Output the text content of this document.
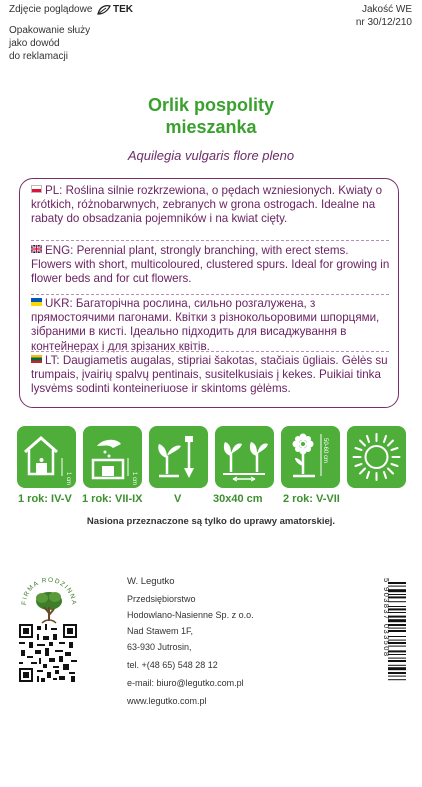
Zdjęcie poglądowe TEK	Jakość WE
nr 30/12/210
Opakowanie służy
jako dowód
do reklamacji
Orlik pospolity
mieszanka
Aquilegia vulgaris flore pleno
PL: Roślina silnie rozkrzewiona, o pędach wzniesionych. Kwiaty o krótkich, różnobarwnych, zebranych w grona ostrogach. Idealne na rabaty do obsadzania pojemników i na kwiat cięty.
ENG: Perennial plant, strongly branching, with erect stems. Flowers with short, multicoloured, clustered spurs. Ideal for growing in flower beds and for cut flowers.
UKR: Багаторічна рослина, сильно розгалужена, з прямостоячими пагонами. Квітки з різнокольоровими шпорцями, зібраними в кисті. Ідеально підходить для висаджування в контейнерах і для зрізаних квітів.
LT: Daugiametis augalas, stipriai šakotas, stačiais ūgliais. Gėlės su trumpais, įvairių spalvų pentinais, susitelkusiais į kekes. Puikiai tinka lysvėms sodinti konteineriuose ir skintoms gėlėms.
1 cm	1 cm
50-60 cm
1 rok: IV-V 1 rok: VII-IX	V	30x40 cm 2 rok: V-VII
Nasiona przeznaczone są tylko do uprawy amatorskiej.
FIRMA RODZINNA
W. Legutko
Przedsiębiorstwo
Hodowlano-Nasienne Sp. z o.o.
Nad Stawem 1F,
63-930 Jutrosin,
tel. +(48 65) 548 28 12
e-mail: biuro@legutko.com.pl
www.legutko.com.pl
5 903837 033508
